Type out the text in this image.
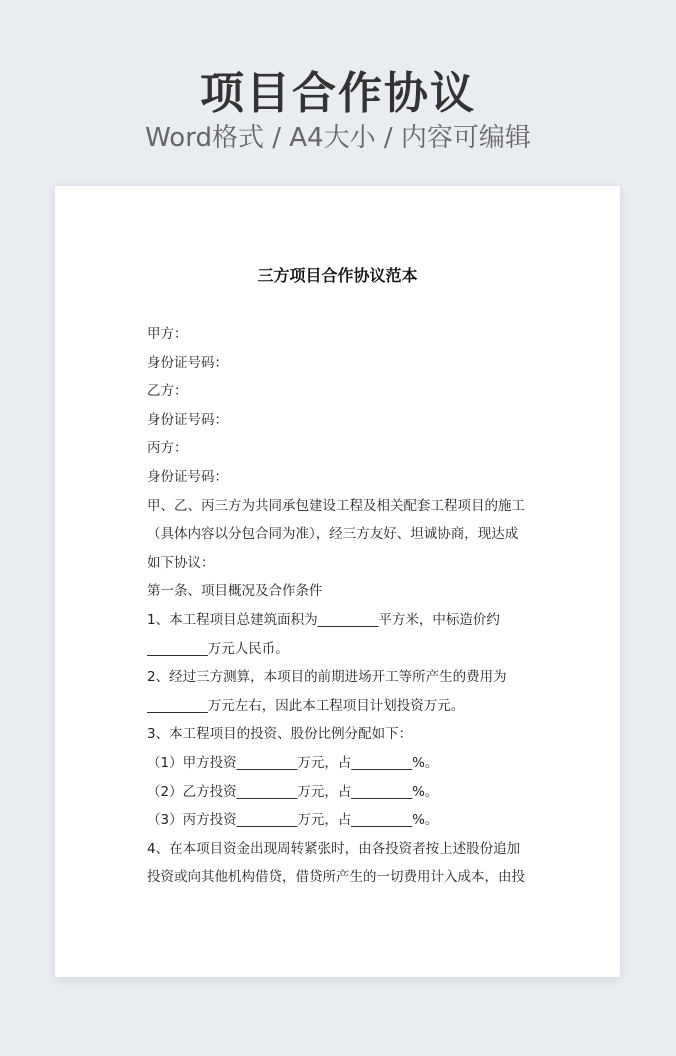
项目合作协议
Word格式 / A4大小 / 内容可编辑
三方项目合作协议范本
甲方：
身份证号码：
乙方：
身份证号码：
丙方：
身份证号码：
甲、乙、丙三方为共同承包建设工程及相关配套工程项目的施工
（具体内容以分包合同为准），经三方友好、坦诚协商，现达成
如下协议：
第一条、项目概况及合作条件
1、本工程项目总建筑面积为_________平方米，中标造价约
_________万元人民币。
2、经过三方测算，本项目的前期进场开工等所产生的费用为
_________万元左右，因此本工程项目计划投资万元。
3、本工程项目的投资、股份比例分配如下：
（1）甲方投资_________万元，占_________%。
（2）乙方投资_________万元，占_________%。
（3）丙方投资_________万元，占_________%。
4、在本项目资金出现周转紧张时，由各投资者按上述股份追加
投资或向其他机构借贷，借贷所产生的一切费用计入成本，由投
